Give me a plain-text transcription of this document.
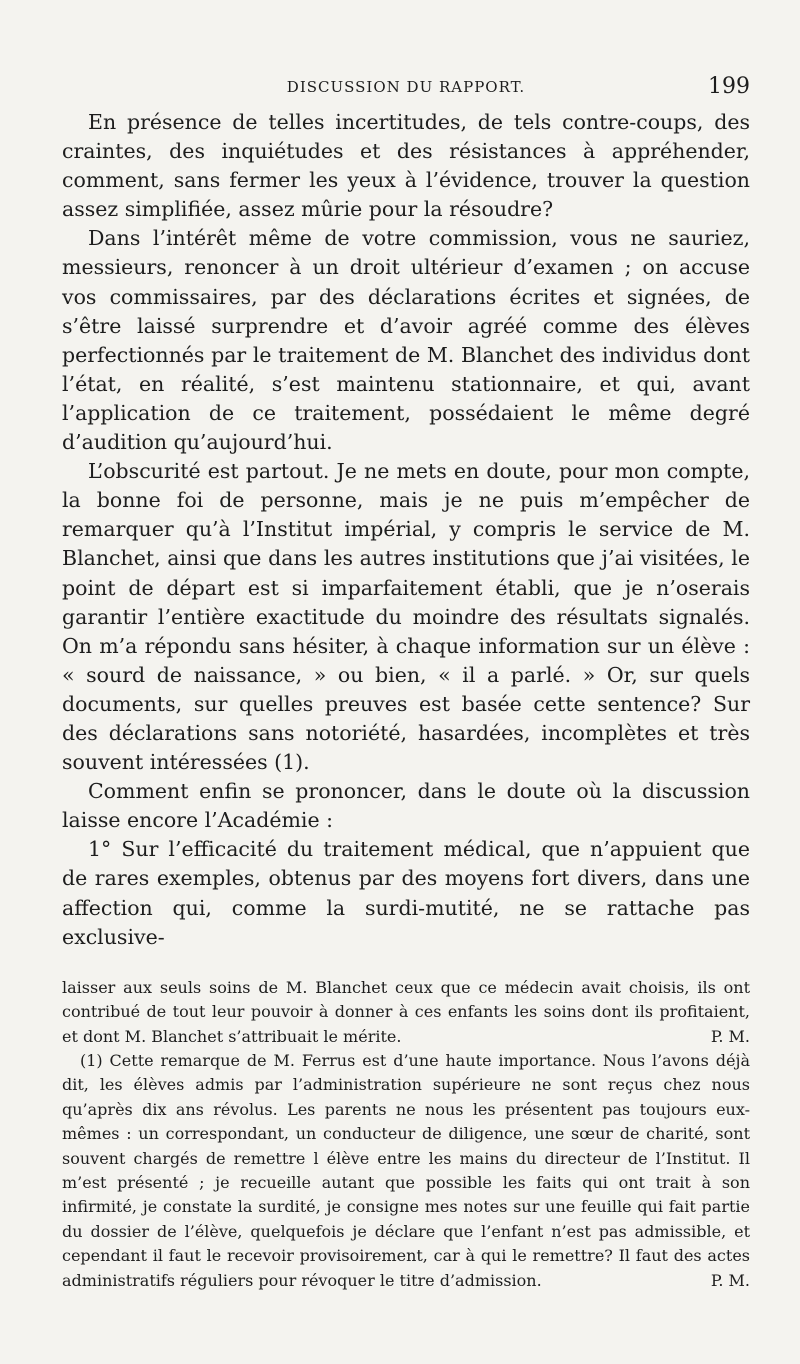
DISCUSSION DU RAPPORT.	199

En présence de telles incertitudes, de tels contre-coups, des craintes, des inquiétudes et des résistances à appréhender, comment, sans fermer les yeux à l’évidence, trouver la question assez simplifiée, assez mûrie pour la résoudre?

Dans l’intérêt même de votre commission, vous ne sauriez, messieurs, renoncer à un droit ultérieur d’examen ; on accuse vos commissaires, par des déclarations écrites et signées, de s’être laissé surprendre et d’avoir agréé comme des élèves perfectionnés par le traitement de M. Blanchet des individus dont l’état, en réalité, s’est maintenu stationnaire, et qui, avant l’application de ce traitement, possédaient le même degré d’audition qu’aujourd’hui.

L’obscurité est partout. Je ne mets en doute, pour mon compte, la bonne foi de personne, mais je ne puis m’empêcher de remarquer qu’à l’Institut impérial, y compris le service de M. Blanchet, ainsi que dans les autres institutions que j’ai visitées, le point de départ est si imparfaitement établi, que je n’oserais garantir l’entière exactitude du moindre des résultats signalés. On m’a répondu sans hésiter, à chaque information sur un élève : « sourd de naissance, » ou bien, « il a parlé. » Or, sur quels documents, sur quelles preuves est basée cette sentence? Sur des déclarations sans notoriété, hasardées, incomplètes et très souvent intéressées (1).

Comment enfin se prononcer, dans le doute où la discussion laisse encore l’Académie :

1° Sur l’efficacité du traitement médical, que n’appuient que de rares exemples, obtenus par des moyens fort divers, dans une affection qui, comme la surdi-mutité, ne se rattache pas exclusive-

laisser aux seuls soins de M. Blanchet ceux que ce médecin avait choisis, ils ont contribué de tout leur pouvoir à donner à ces enfants les soins dont ils profitaient, et dont M. Blanchet s’attribuait le mérite.	P. M.

(1) Cette remarque de M. Ferrus est d’une haute importance. Nous l’avons déjà dit, les élèves admis par l’administration supérieure ne sont reçus chez nous qu’après dix ans révolus. Les parents ne nous les présentent pas toujours eux-mêmes : un correspondant, un conducteur de diligence, une sœur de charité, sont souvent chargés de remettre l élève entre les mains du directeur de l’Institut. Il m’est présenté ; je recueille autant que possible les faits qui ont trait à son infirmité, je constate la surdité, je consigne mes notes sur une feuille qui fait partie du dossier de l’élève, quelquefois je déclare que l’enfant n’est pas admissible, et cependant il faut le recevoir provisoirement, car à qui le remettre? Il faut des actes administratifs réguliers pour révoquer le titre d’admission.	P. M.
